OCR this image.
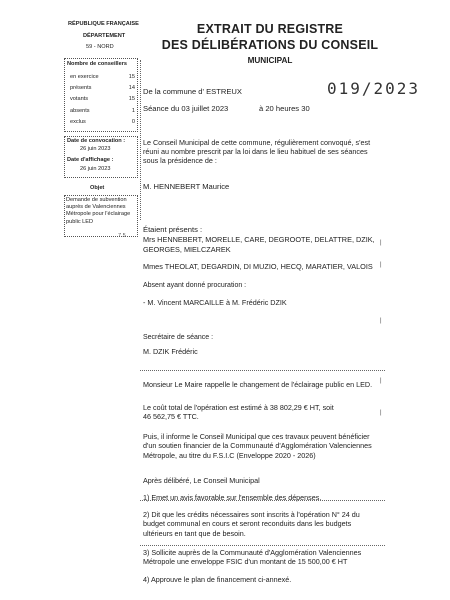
RÉPUBLIQUE FRANÇAISE
DÉPARTEMENT
59 - NORD
Nombre de conseillers
en exercice	15
présents	14
votants	15
absents	1
exclus	0
Date de convocation :
26 juin 2023
Date d'affichage :
26 juin 2023
Objet
Demande de subvention
auprès de Valenciennes
Métropole pour l'éclairage
public LED
7.5
|
|
|
|
|
EXTRAIT DU REGISTRE
DES DÉLIBÉRATIONS DU CONSEIL
MUNICIPAL
019/2023
De la commune d' ESTREUX
Séance du 03 juillet 2023	à 20 heures 30
Le Conseil Municipal de cette commune, régulièrement convoqué, s'est réuni au nombre prescrit par la loi dans le lieu habituel de ses séances sous la présidence de :
M. HENNEBERT Maurice
Étaient présents :
Mrs HENNEBERT, MORELLE, CARE, DEGROOTE, DELATTRE, DZIK, GEORGES, MIELCZAREK
Mmes THEOLAT, DEGARDIN, DI MUZIO, HECQ, MARATIER, VALOIS
Absent ayant donné procuration :
- M. Vincent MARCAILLE à M. Frédéric DZIK
Secrétaire de séance :
M. DZIK Frédéric
Monsieur Le Maire rappelle le changement de l'éclairage public en LED.
Le coût total de l'opération est estimé à 38 802,29 € HT, soit 46 562,75 € TTC.
Puis, il informe le Conseil Municipal que ces travaux peuvent bénéficier d'un soutien financier de la Communauté d'Agglomération Valenciennes Métropole, au titre du F.S.I.C (Enveloppe 2020 - 2026)
Après délibéré, Le Conseil Municipal
1) Emet un avis favorable sur l'ensemble des dépenses.
2) Dit que les crédits nécessaires sont inscrits à l'opération N° 24 du budget communal en cours et seront reconduits dans les budgets ultérieurs en tant que de besoin.
3) Sollicite auprès de la Communauté d'Agglomération Valenciennes Métropole une enveloppe FSIC d'un montant de 15 500,00 € HT
4) Approuve le plan de financement ci-annexé.
